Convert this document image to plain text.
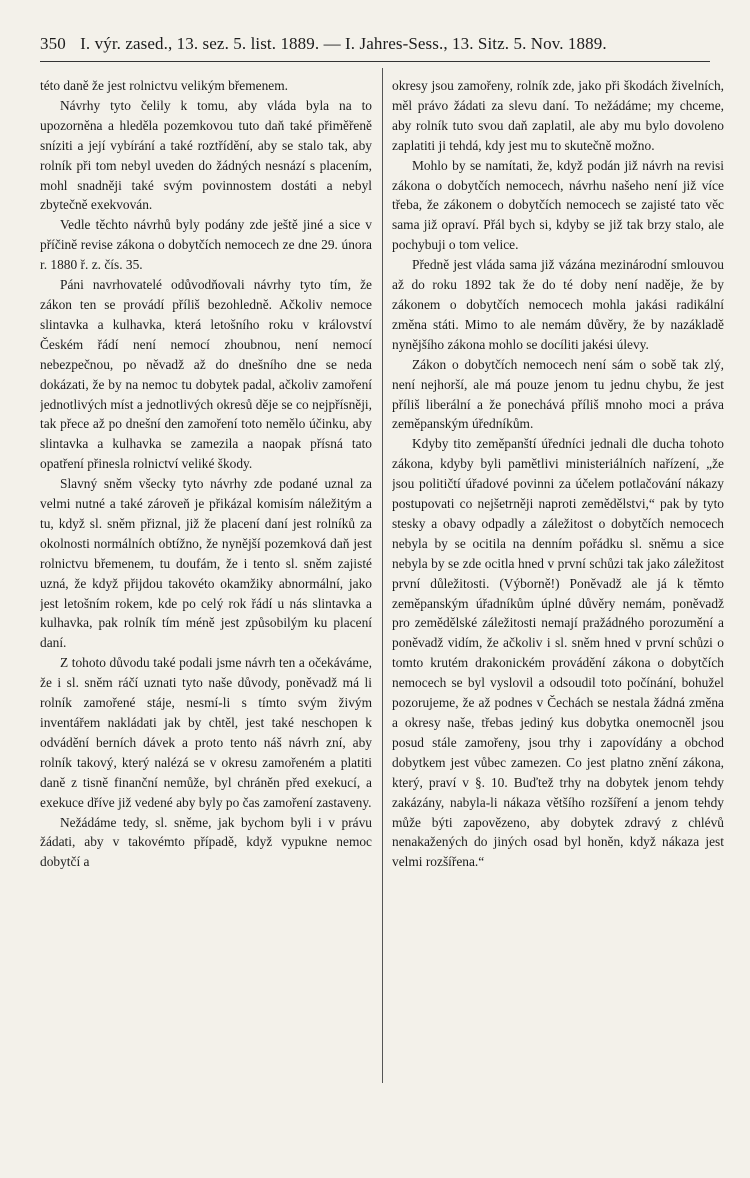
350 I. výr. zased., 13. sez. 5. list. 1889. — I. Jahres-Sess., 13. Sitz. 5. Nov. 1889.

této daně že jest rolnictvu velikým břemenem.

Návrhy tyto čelily k tomu, aby vláda byla na to upozorněna a hleděla pozemkovou tuto daň také přiměřeně sníziti a její vybírání a také roztřídění, aby se stalo tak, aby rolník při tom nebyl uveden do žádných nesnází s placením, mohl snadněji také svým povinnostem dostáti a nebyl zbytečně exekvován.

Vedle těchto návrhů byly podány zde ještě jiné a sice v příčině revise zákona o dobytčích nemocech ze dne 29. února r. 1880 ř. z. čís. 35.

Páni navrhovatelé odůvodňovali návrhy tyto tím, že zákon ten se provádí příliš bezohledně. Ačkoliv nemoce slintavka a kulhavka, která letošního roku v království Českém řádí není nemocí zhoubnou, není nemocí nebezpečnou, po něvadž až do dnešního dne se neda dokázati, že by na nemoc tu dobytek padal, ačkoliv zamoření jednotlivých míst a jednotlivých okresů děje se co nejpřísněji, tak přece až po dnešní den zamoření toto nemělo účinku, aby slintavka a kulhavka se zamezila a naopak přísná tato opatření přinesla rolnictví veliké škody.

Slavný sněm všecky tyto návrhy zde podané uznal za velmi nutné a také zároveň je přikázal komisím náležitým a tu, když sl. sněm přiznal, již že placení daní jest rolníků za okolnosti normálních obtížno, že nynější pozemková daň jest rolnictvu břemenem, tu doufám, že i tento sl. sněm zajisté uzná, že když přijdou takovéto okamžiky abnormální, jako jest letošním rokem, kde po celý rok řádí u nás slintavka a kulhavka, pak rolník tím méně jest způsobilým ku placení daní.

Z tohoto důvodu také podali jsme návrh ten a očekáváme, že i sl. sněm ráčí uznati tyto naše důvody, poněvadž má li rolník zamořené stáje, nesmí-li s tímto svým živým inventářem nakládati jak by chtěl, jest také neschopen k odvádění berních dávek a proto tento náš návrh zní, aby rolník takový, který nalézá se v okresu zamořeném a platiti daně z tisně finanční nemůže, byl chráněn před exekucí, a exekuce dříve již vedené aby byly po čas zamoření zastaveny.

Nežádáme tedy, sl. sněme, jak bychom byli i v právu žádati, aby v takovémto případě, když vypukne nemoc dobytčí a

okresy jsou zamořeny, rolník zde, jako při škodách živelních, měl právo žádati za slevu daní. To nežádáme; my chceme, aby rolník tuto svou daň zaplatil, ale aby mu bylo dovoleno zaplatiti ji tehdá, kdy jest mu to skutečně možno.

Mohlo by se namítati, že, když podán již návrh na revisi zákona o dobytčích nemocech, návrhu našeho není již více třeba, že zákonem o dobytčích nemocech se zajisté tato věc sama již opraví. Přál bych si, kdyby se již tak brzy stalo, ale pochybuji o tom velice.

Předně jest vláda sama již vázána mezinárodní smlouvou až do roku 1892 tak že do té doby není naděje, že by zákonem o dobytčích nemocech mohla jakási radikální změna státi. Mimo to ale nemám důvěry, že by nazákladě nynějšího zákona mohlo se docíliti jakési úlevy.

Zákon o dobytčích nemocech není sám o sobě tak zlý, není nejhorší, ale má pouze jenom tu jednu chybu, že jest příliš liberální a že ponechává příliš mnoho moci a práva zeměpanským úředníkům.

Kdyby tito zeměpanští úředníci jednali dle ducha tohoto zákona, kdyby byli pamětlivi ministeriálních nařízení, „že jsou političtí úřadové povinni za účelem potlačování nákazy postupovati co nejšetrněji naproti zemědělstvi,“ pak by tyto stesky a obavy odpadly a záležitost o dobytčích nemocech nebyla by se ocitila na denním pořádku sl. sněmu a sice nebyla by se zde ocitla hned v první schůzi tak jako záležitost první důležitosti. (Výborně!) Poněvadž ale já k těmto zeměpanským úřadníkům úplné důvěry nemám, poněvadž pro zemědělské záležitosti nemají pražádného porozumění a poněvadž vidím, že ačkoliv i sl. sněm hned v první schůzi o tomto krutém drakonickém provádění zákona o dobytčích nemocech se byl vyslovil a odsoudil toto počínání, bohužel pozorujeme, že až podnes v Čechách se nestala žádná změna a okresy naše, třebas jediný kus dobytka onemocněl jsou posud stále zamořeny, jsou trhy i zapovídány a obchod dobytkem jest vůbec zamezen. Co jest platno znění zákona, který, praví v §. 10. Buďtež trhy na dobytek jenom tehdy zakázány, nabyla-li nákaza většího rozšíření a jenom tehdy může býti zapovězeno, aby dobytek zdravý z chlévů nenakažených do jiných osad byl honěn, když nákaza jest velmi rozšířena.“
